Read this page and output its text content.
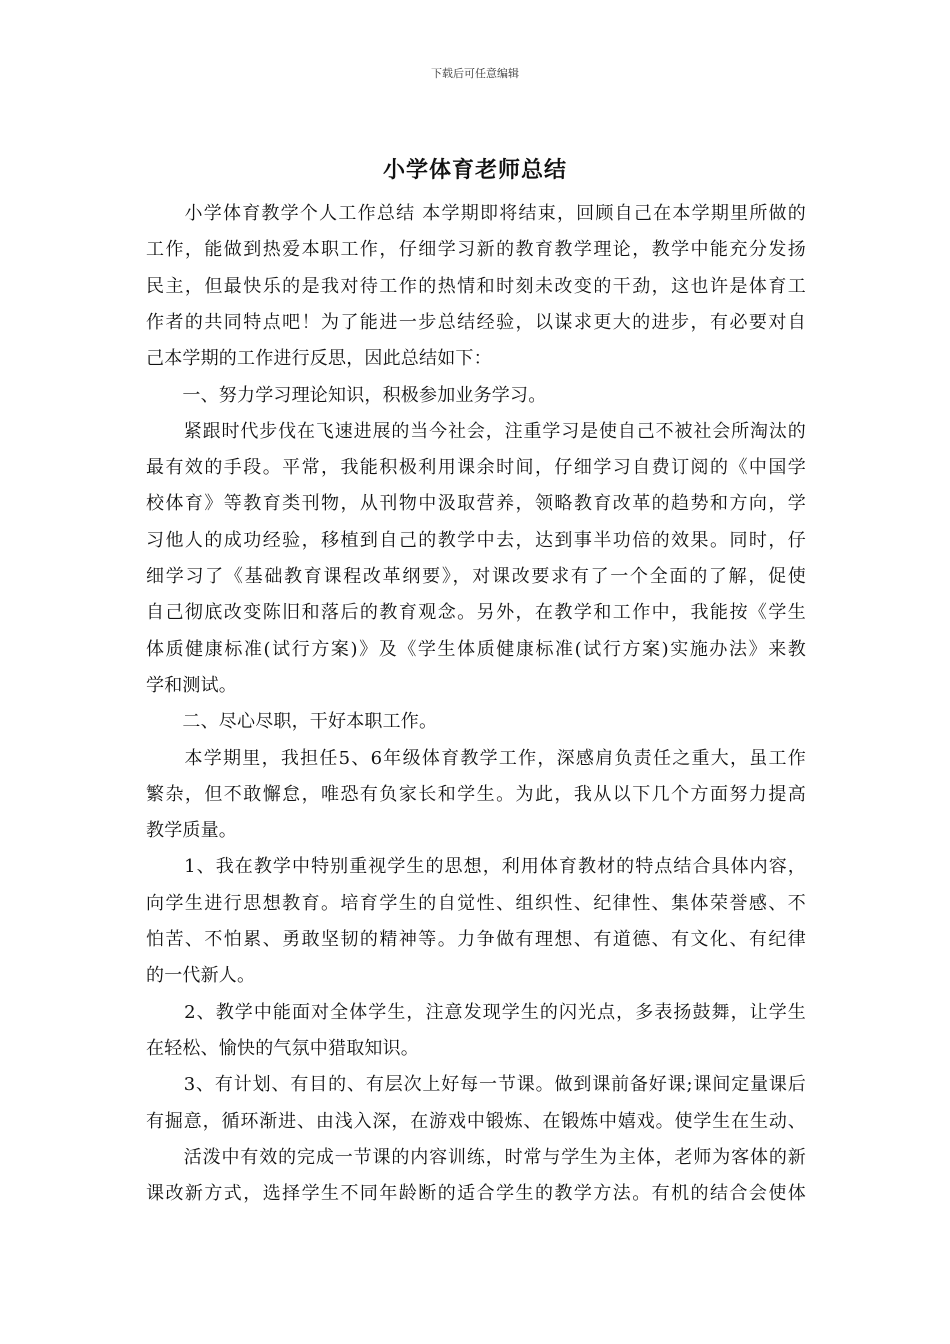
下载后可任意编辑
小学体育老师总结
　　小学体育教学个人工作总结 本学期即将结束，回顾自己在本学期里所做的
工作，能做到热爱本职工作，仔细学习新的教育教学理论，教学中能充分发扬
民主，但最快乐的是我对待工作的热情和时刻未改变的干劲，这也许是体育工
作者的共同特点吧！为了能进一步总结经验，以谋求更大的进步，有必要对自
己本学期的工作进行反思，因此总结如下：
　　一、努力学习理论知识，积极参加业务学习。
　　紧跟时代步伐在飞速进展的当今社会，注重学习是使自己不被社会所淘汰的
最有效的手段。平常，我能积极利用课余时间，仔细学习自费订阅的《中国学
校体育》等教育类刊物，从刊物中汲取营养，领略教育改革的趋势和方向，学
习他人的成功经验，移植到自己的教学中去，达到事半功倍的效果。同时，仔
细学习了《基础教育课程改革纲要》，对课改要求有了一个全面的了解，促使
自己彻底改变陈旧和落后的教育观念。另外，在教学和工作中，我能按《学生
体质健康标准(试行方案)》及《学生体质健康标准(试行方案)实施办法》来教
学和测试。
　　二、尽心尽职，干好本职工作。
　　本学期里，我担任5、6年级体育教学工作，深感肩负责任之重大，虽工作
繁杂，但不敢懈怠，唯恐有负家长和学生。为此，我从以下几个方面努力提高
教学质量。
　　1、我在教学中特别重视学生的思想，利用体育教材的特点结合具体内容，
向学生进行思想教育。培育学生的自觉性、组织性、纪律性、集体荣誉感、不
怕苦、不怕累、勇敢坚韧的精神等。力争做有理想、有道德、有文化、有纪律
的一代新人。
　　2、教学中能面对全体学生，注意发现学生的闪光点，多表扬鼓舞，让学生
在轻松、愉快的气氛中猎取知识。
　　3、有计划、有目的、有层次上好每一节课。做到课前备好课;课间定量课后
有掘意，循环渐进、由浅入深，在游戏中锻炼、在锻炼中嬉戏。使学生在生动、
　　活泼中有效的完成一节课的内容训练，时常与学生为主体，老师为客体的新
课改新方式，选择学生不同年龄断的适合学生的教学方法。有机的结合会使体
